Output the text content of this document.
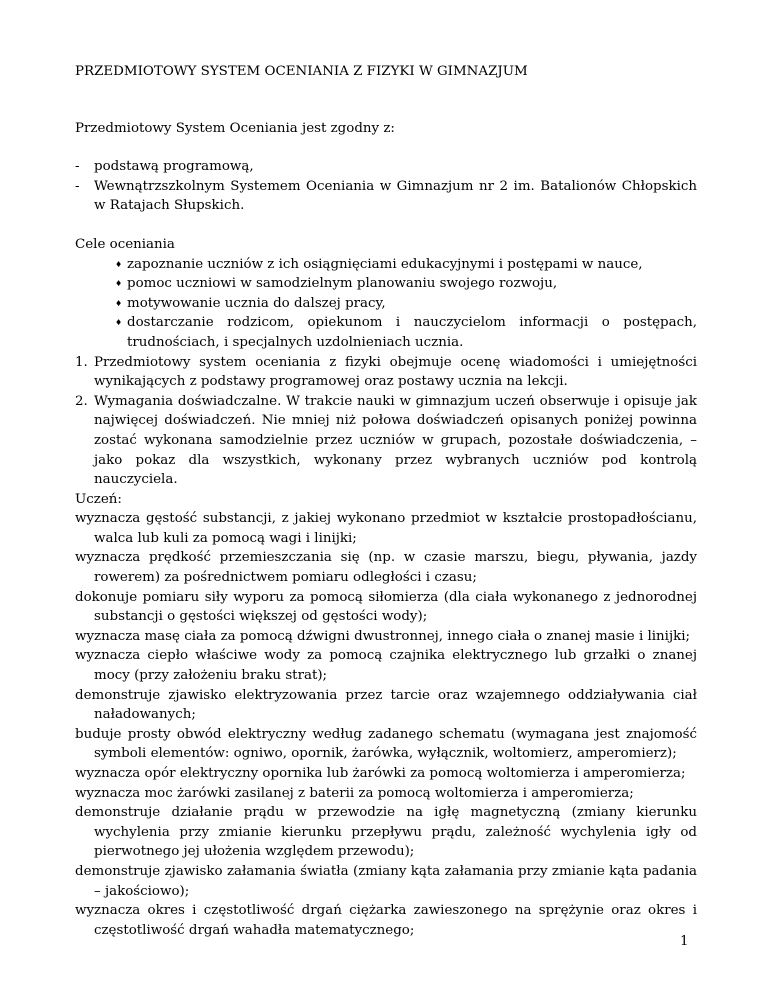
PRZEDMIOTOWY SYSTEM OCENIANIA Z FIZYKI W GIMNAZJUM

Przedmiotowy System Oceniania jest zgodny z:

- podstawą programową,
- Wewnątrzszkolnym Systemem Oceniania w Gimnazjum nr 2 im. Batalionów Chłopskich w Ratajach Słupskich.

Cele oceniania

♦ zapoznanie uczniów z ich osiągnięciami edukacyjnymi i postępami w nauce,
♦ pomoc uczniowi w samodzielnym planowaniu swojego rozwoju,
♦ motywowanie ucznia do dalszej pracy,
♦ dostarczanie rodzicom, opiekunom i nauczycielom informacji o postępach, trudnościach, i specjalnych uzdolnieniach ucznia.
1. Przedmiotowy system oceniania z fizyki obejmuje ocenę wiadomości i umiejętności wynikających z podstawy programowej oraz postawy ucznia na lekcji.
2. Wymagania doświadczalne. W trakcie nauki w gimnazjum uczeń obserwuje i opisuje jak najwięcej doświadczeń. Nie mniej niż połowa doświadczeń opisanych poniżej powinna zostać wykonana samodzielnie przez uczniów w grupach, pozostałe doświadczenia, – jako pokaz dla wszystkich, wykonany przez wybranych uczniów pod kontrolą nauczyciela.

Uczeń:

wyznacza gęstość substancji, z jakiej wykonano przedmiot w kształcie prostopadłościanu, walca lub kuli za pomocą wagi i linijki;

wyznacza prędkość przemieszczania się (np. w czasie marszu, biegu, pływania, jazdy rowerem) za pośrednictwem pomiaru odległości i czasu;

dokonuje pomiaru siły wyporu za pomocą siłomierza (dla ciała wykonanego z jednorodnej substancji o gęstości większej od gęstości wody);

wyznacza masę ciała za pomocą dźwigni dwustronnej, innego ciała o znanej masie i linijki;

wyznacza ciepło właściwe wody za pomocą czajnika elektrycznego lub grzałki o znanej mocy (przy założeniu braku strat);

demonstruje zjawisko elektryzowania przez tarcie oraz wzajemnego oddziaływania ciał naładowanych;

buduje prosty obwód elektryczny według zadanego schematu (wymagana jest znajomość symboli elementów: ogniwo, opornik, żarówka, wyłącznik, woltomierz, amperomierz);

wyznacza opór elektryczny opornika lub żarówki za pomocą woltomierza i amperomierza;

wyznacza moc żarówki zasilanej z baterii za pomocą woltomierza i amperomierza;

demonstruje działanie prądu w przewodzie na igłę magnetyczną (zmiany kierunku wychylenia przy zmianie kierunku przepływu prądu, zależność wychylenia igły od pierwotnego jej ułożenia względem przewodu);

demonstruje zjawisko załamania światła (zmiany kąta załamania przy zmianie kąta padania – jakościowo);

wyznacza okres i częstotliwość drgań ciężarka zawieszonego na sprężynie oraz okres i częstotliwość drgań wahadła matematycznego;

1
